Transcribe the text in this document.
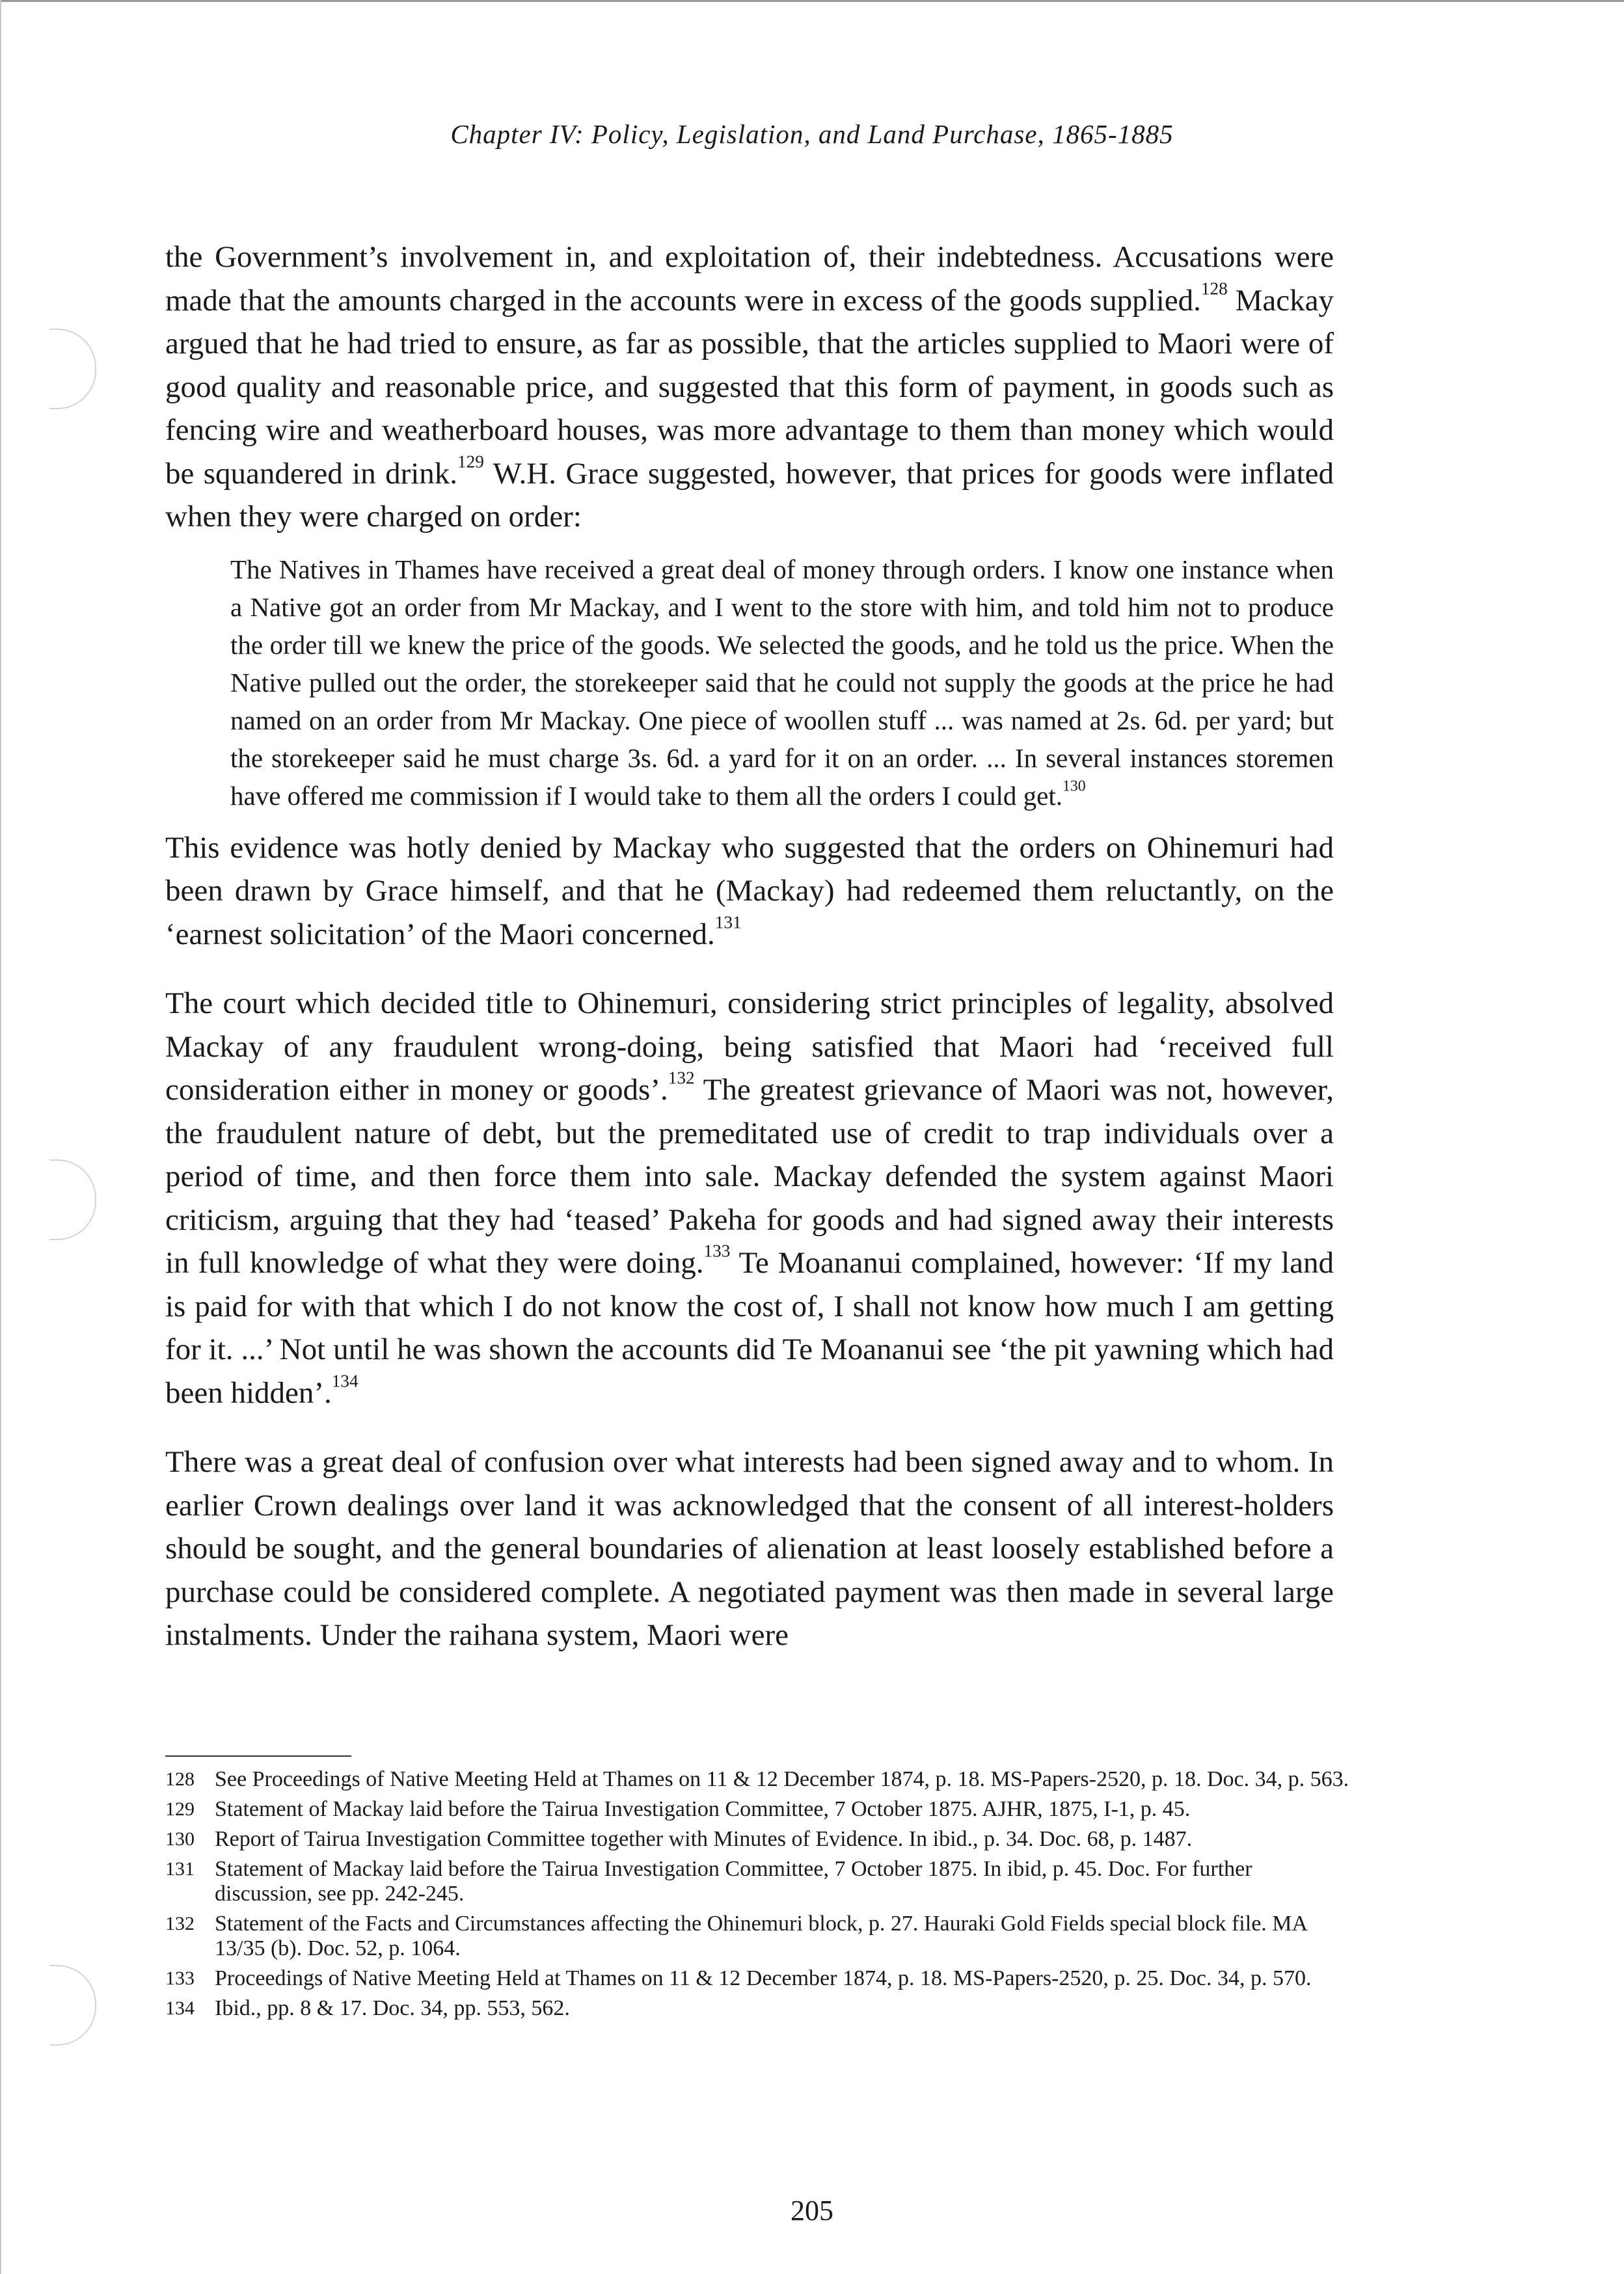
Chapter IV: Policy, Legislation, and Land Purchase, 1865-1885

the Government’s involvement in, and exploitation of, their indebtedness. Accusations were made that the amounts charged in the accounts were in excess of the goods supplied.$^{128}$ Mackay argued that he had tried to ensure, as far as possible, that the articles supplied to Maori were of good quality and reasonable price, and suggested that this form of payment, in goods such as fencing wire and weatherboard houses, was more advantage to them than money which would be squandered in drink.$^{129}$ W.H. Grace suggested, however, that prices for goods were inflated when they were charged on order:

The Natives in Thames have received a great deal of money through orders. I know one instance when a Native got an order from Mr Mackay, and I went to the store with him, and told him not to produce the order till we knew the price of the goods. We selected the goods, and he told us the price. When the Native pulled out the order, the storekeeper said that he could not supply the goods at the price he had named on an order from Mr Mackay. One piece of woollen stuff ... was named at 2s. 6d. per yard; but the storekeeper said he must charge 3s. 6d. a yard for it on an order. ... In several instances storemen have offered me commission if I would take to them all the orders I could get.$^{130}$

This evidence was hotly denied by Mackay who suggested that the orders on Ohinemuri had been drawn by Grace himself, and that he (Mackay) had redeemed them reluctantly, on the ‘earnest solicitation’ of the Maori concerned.$^{131}$

The court which decided title to Ohinemuri, considering strict principles of legality, absolved Mackay of any fraudulent wrong-doing, being satisfied that Maori had ‘received full consideration either in money or goods’.$^{132}$ The greatest grievance of Maori was not, however, the fraudulent nature of debt, but the premeditated use of credit to trap individuals over a period of time, and then force them into sale. Mackay defended the system against Maori criticism, arguing that they had ‘teased’ Pakeha for goods and had signed away their interests in full knowledge of what they were doing.$^{133}$ Te Moananui complained, however: ‘If my land is paid for with that which I do not know the cost of, I shall not know how much I am getting for it. ...’ Not until he was shown the accounts did Te Moananui see ‘the pit yawning which had been hidden’.$^{134}$

There was a great deal of confusion over what interests had been signed away and to whom. In earlier Crown dealings over land it was acknowledged that the consent of all interest-holders should be sought, and the general boundaries of alienation at least loosely established before a purchase could be considered complete. A negotiated payment was then made in several large instalments. Under the raihana system, Maori were

128 See Proceedings of Native Meeting Held at Thames on 11 & 12 December 1874, p. 18. MS-Papers-2520, p. 18. Doc. 34, p. 563.
129 Statement of Mackay laid before the Tairua Investigation Committee, 7 October 1875. AJHR, 1875, I-1, p. 45.
130 Report of Tairua Investigation Committee together with Minutes of Evidence. In ibid., p. 34. Doc. 68, p. 1487.
131 Statement of Mackay laid before the Tairua Investigation Committee, 7 October 1875. In ibid, p. 45. Doc. For further discussion, see pp. 242-245.
132 Statement of the Facts and Circumstances affecting the Ohinemuri block, p. 27. Hauraki Gold Fields special block file. MA 13/35 (b). Doc. 52, p. 1064.
133 Proceedings of Native Meeting Held at Thames on 11 & 12 December 1874, p. 18. MS-Papers-2520, p. 25. Doc. 34, p. 570.
134 Ibid., pp. 8 & 17. Doc. 34, pp. 553, 562.
205
